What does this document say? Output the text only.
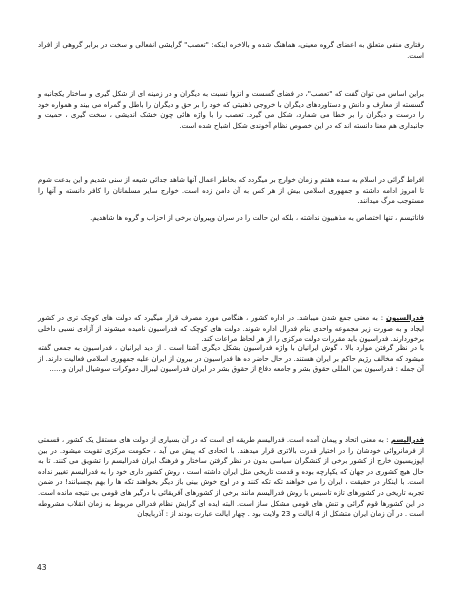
رفتاری منفی متعلق به اعضای گروه معینی، هماهنگ شده و بالاخره اینکه: "تعصب" گرایشی انفعالی و سخت در برابر گروهی از افراد است.

براین اساس می توان گفت که "تعصب"، در فضای گسست و انزوا نسبت به دیگران و در زمینه ای از شکل گیری و ساختار یکجانبه و گسسته از معارف و دانش و دستاوردهای دیگران با خروجی ذهنیتی که خود را بر حق و دیگران را باطل و گمراه می بیند و همواره خود را درست و دیگران را بر خطا می شمارد، شکل می گیرد. تعصب را با واژه هائی چون خشک اندیشی ، سخت گیری ، حمیت و جانبداری هم معنا دانسته اند که در این خصوص نظام آخوندی شکل اشباح شده است.

افراط گرائی در اسلام به سده هفتم و زمان خوارج بر میگردد که بخاطر اعمال آنها شاهد جدائی شیعه از سنی شدیم و این بدعت شوم تا امروز ادامه داشته و جمهوری اسلامی بیش از هر کس به آن دامن زده است. خوارج سایر مسلمانان را کافر دانسته و آنها را مستوجب مرگ میدانند.

فاناتیسم ، تنها اختصاص به مذهبیون نداشته ، بلکه این حالت را در سران وپیروان برخی از احزاب و گروه ها شاهدیم.

فدرالسیون : به معنی جمع شدن میباشد. در اداره کشور ، هنگامی مورد مصرف قرار میگیرد که دولت های کوچک تری در کشور ایجاد و به صورت زیر مجموعه واحدی بنام فدرال اداره شوند. دولت های کوچک که فدراسیون نامیده میشوند از آزادی نسبی داخلی برخوردارند. فدراسیون باید مقررات دولت مرکزی را از هر لحاظ مراعات کند.

با در نظر گرفتن موارد بالا ، گوش ایرانیان با واژه فدراسیون بشکل دیگری آشنا است . از دید ایرانیان ، فدراسیون به جمعی گفته میشود که مخالف رژیم حاکم بر ایران هستند. در حال حاضر ده ها فدراسیون در بیرون از ایران علیه جمهوری اسلامی فعالیت دارند. از آن جمله : فدراسیون بین المللی حقوق بشر و جامعه دفاع از حقوق بشر در ایران فدراسیون لیبرال دموکرات سوشیال ایران و......

فدرالیسم : به معنی اتحاد و پیمان آمده است. فدرالیسم طریقه ای است که در آن بسیاری از دولت های مستقل یک کشور ، قسمتی از فرمانروائی خودشان را در اختیار قدرت بالاتری قرار میدهند. با اتحادی که پیش می آید ، حکومت مرکزی تقویت میشود. در بین اپوزیسیون خارج از کشور برخی از کنشگران سیاسی بدون در نظر گرفتن ساختار و فرهنگ ایران فدرالیسم را تشویق می کنند. تا به حال هیچ کشوری در جهان که یکپارچه بوده و قدمت تاریخی مثل ایران داشته است ، روش کشور داری خود را به فدرالیسم تغییر نداده است. با اینکار در حقیقت ، ایران را می خواهند تکه تکه کنند و در اوج خوش بینی باز دیگر بخواهند تکه ها را بهم بچسبانند! در ضمن تجربه تاریخی در کشورهای تازه تاسیس با روش فدرالیسم مانند برخی از کشورهای آفریقائی با درگیر های قومی بی نتیجه مانده است. در این کشورها قوم گرائی و تنش های قومی مشکل ساز است. البته ایده ای گرایش نظام فدرالی مربوط به زمان انقلاب مشروطه است . در آن زمان ایران متشکل از 4 ایالت و 23 ولایت بود . چهار ایالت عبارت بودند از : آذربایجان

43
